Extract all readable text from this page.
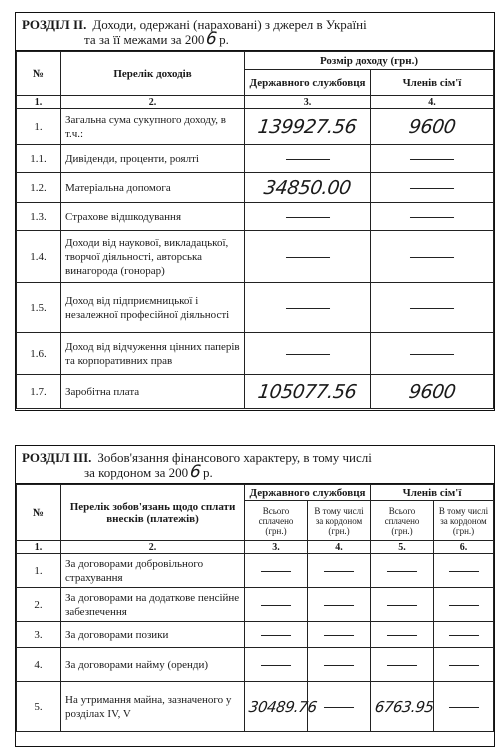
РОЗДІЛ II. Доходи, одержані (нараховані) з джерел в Україні
та за її межами за 2006р.
№	Перелік доходів	Розмір доходу (грн.)	
		Державного службовця	Членів сім'ї
1.	2.	3.	4.
1.	Загальна сума сукупного доходу, в т.ч.:	139927.56	9600
1.1.	Дивіденди, проценти, роялті		
1.2.	Матеріальна допомога	34850.00	
1.3.	Страхове відшкодування		
1.4.	Доходи від наукової, викладацької, творчої діяльності, авторська винагорода (гонорар)		
1.5.	Доход від підприємницької і незалежної професійної діяльності		
1.6.	Доход від відчуження цінних паперів та корпоративних прав		
1.7.	Заробітна плата	105077.56	9600
РОЗДІЛ III. Зобов'язання фінансового характеру, в тому числі
за кордоном за 2006р.
№	Перелік зобов'язань щодо сплати внесків (платежів)	Державного службовця		Членів сім'ї	
		Всього сплачено (грн.)	В тому числі за кордоном (грн.)	Всього сплачено (грн.)	В тому числі за кордоном (грн.)
1.	2.	3.	4.	5.	6.
1.	За договорами добровільного страхування				
2.	За договорами на додаткове пенсійне забезпечення				
3.	За договорами позики				
4.	За договорами найму (оренди)				
5.	На утримання майна, зазначеного у розділах IV, V	30489.76		6763.95	
